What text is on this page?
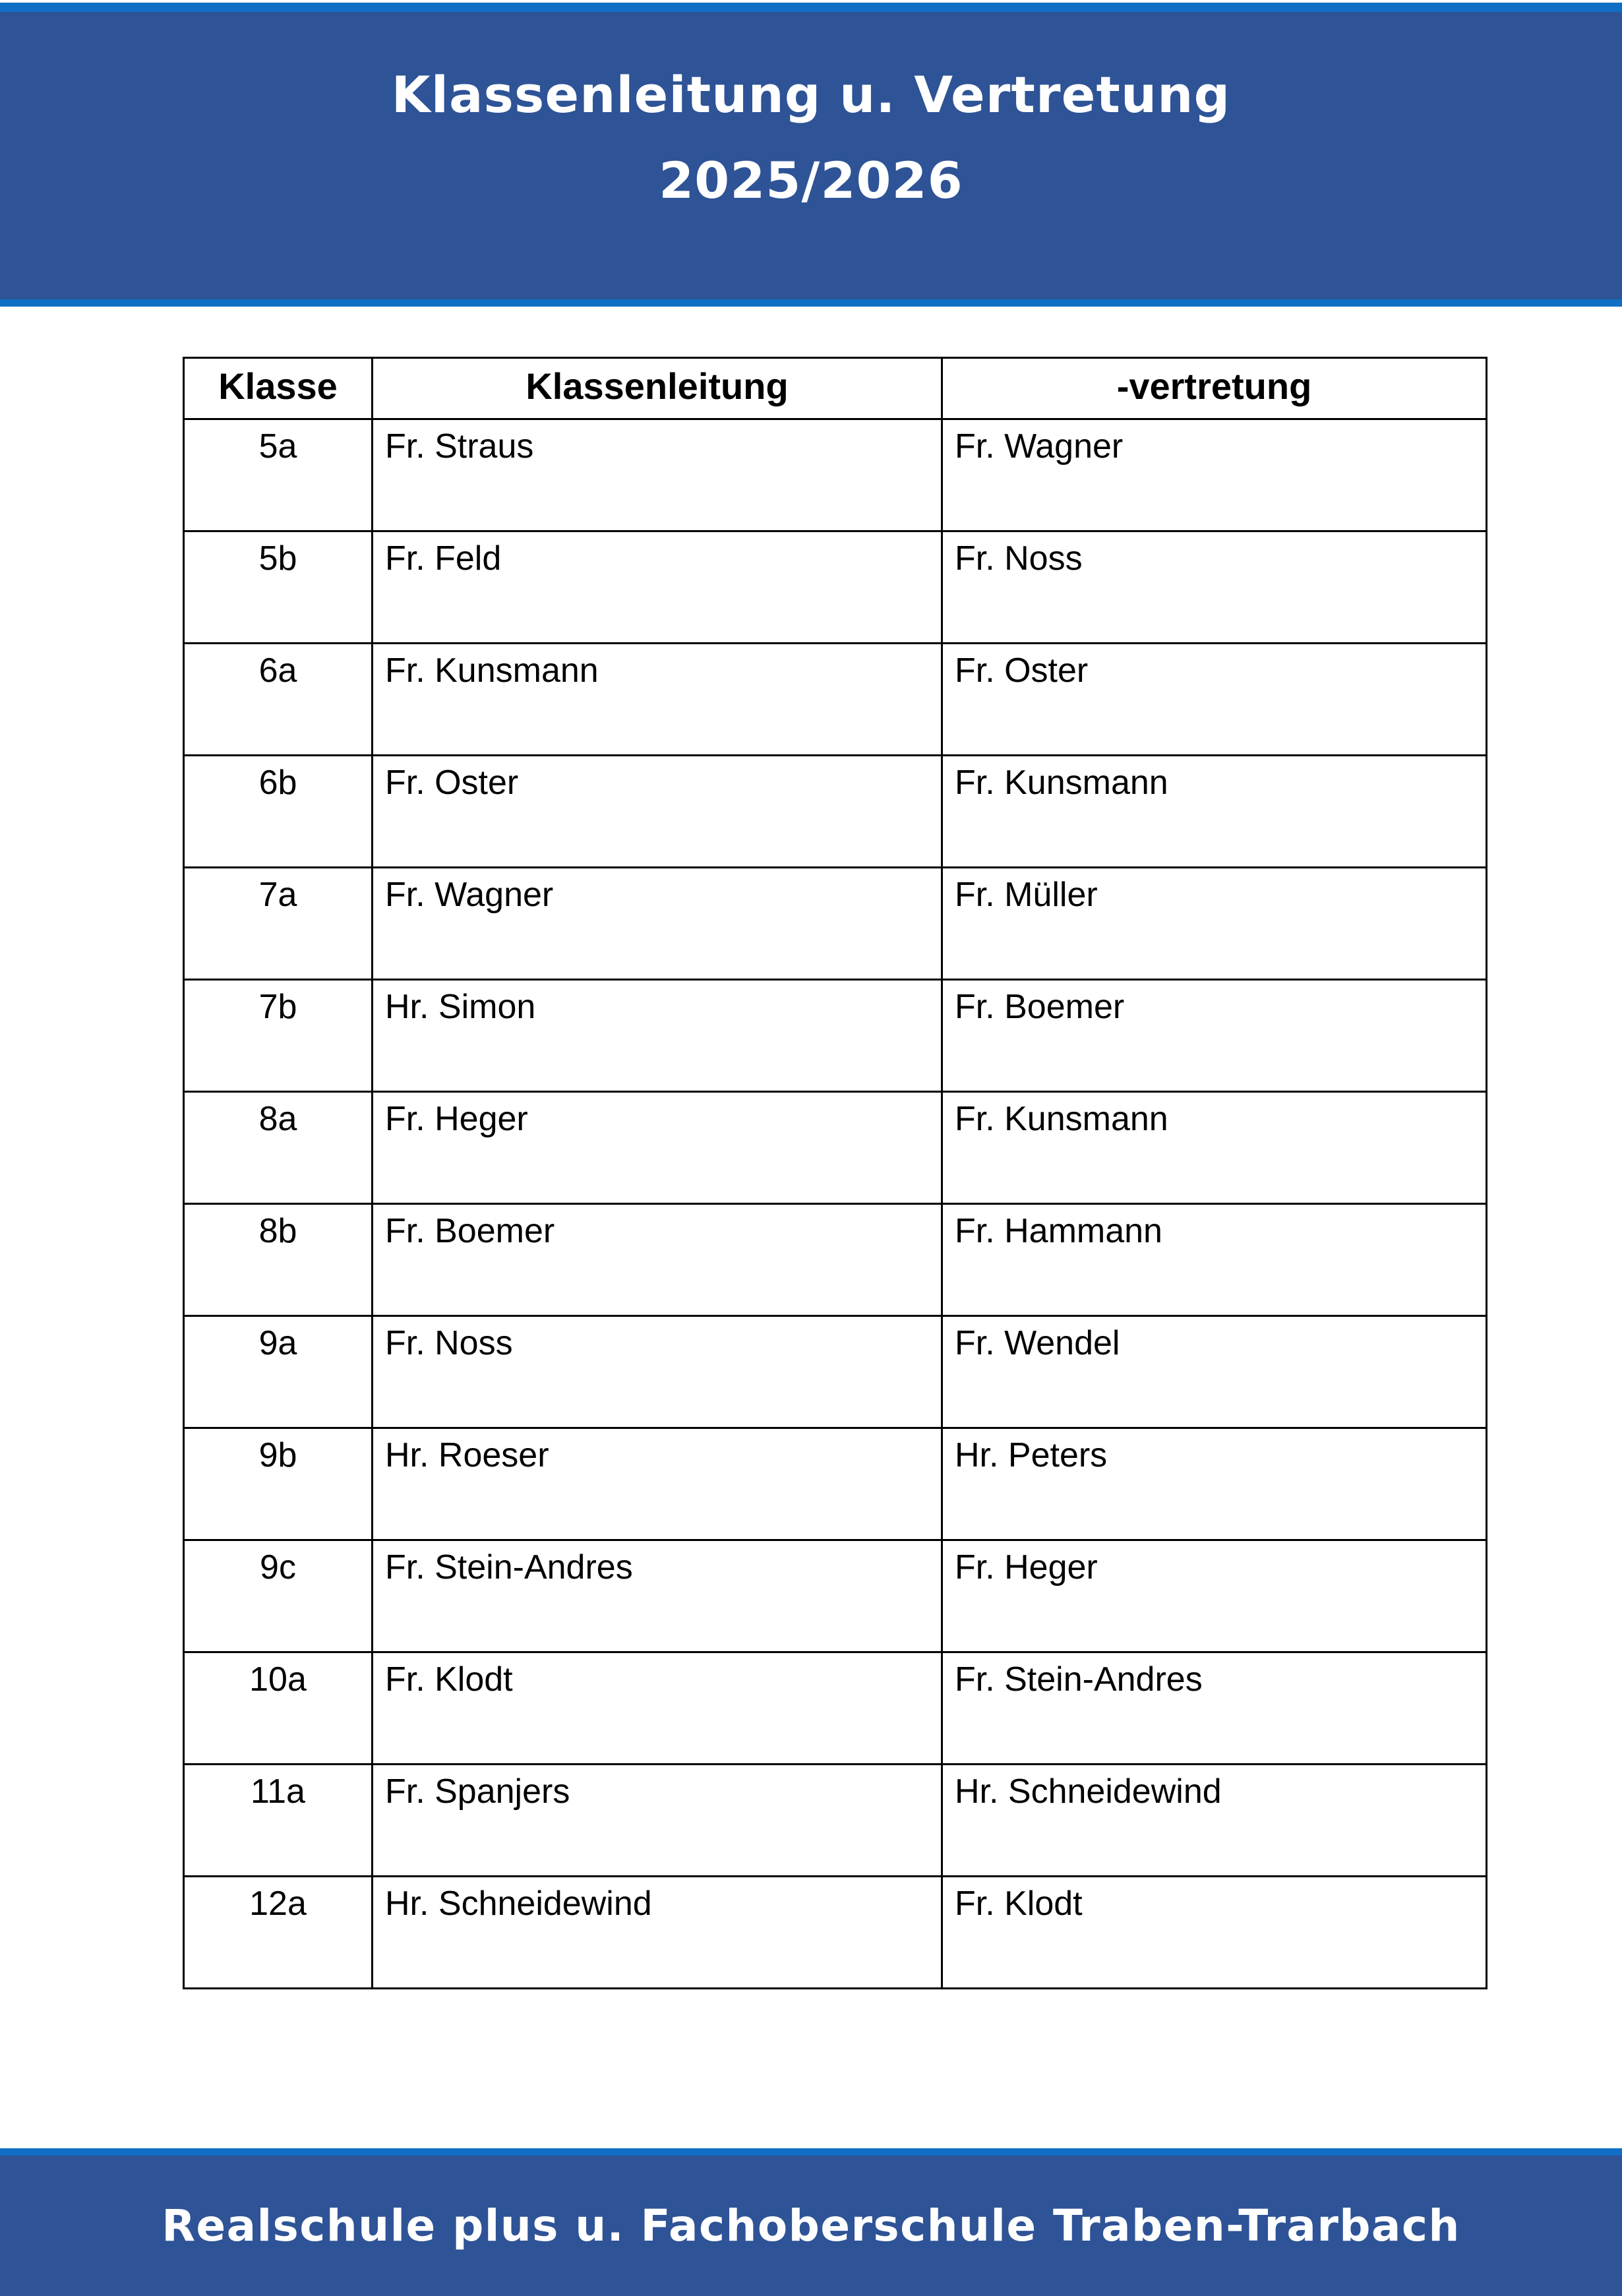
Klassenleitung u. Vertretung
2025/2026
Klasse	Klassenleitung	-vertretung
5a	Fr. Straus	Fr. Wagner
5b	Fr. Feld	Fr. Noss
6a	Fr. Kunsmann	Fr. Oster
6b	Fr. Oster	Fr. Kunsmann
7a	Fr. Wagner	Fr. Müller
7b	Hr. Simon	Fr. Boemer
8a	Fr. Heger	Fr. Kunsmann
8b	Fr. Boemer	Fr. Hammann
9a	Fr. Noss	Fr. Wendel
9b	Hr. Roeser	Hr. Peters
9c	Fr. Stein-Andres	Fr. Heger
10a	Fr. Klodt	Fr. Stein-Andres
11a	Fr. Spanjers	Hr. Schneidewind
12a	Hr. Schneidewind	Fr. Klodt
Realschule plus u. Fachoberschule Traben-Trarbach
